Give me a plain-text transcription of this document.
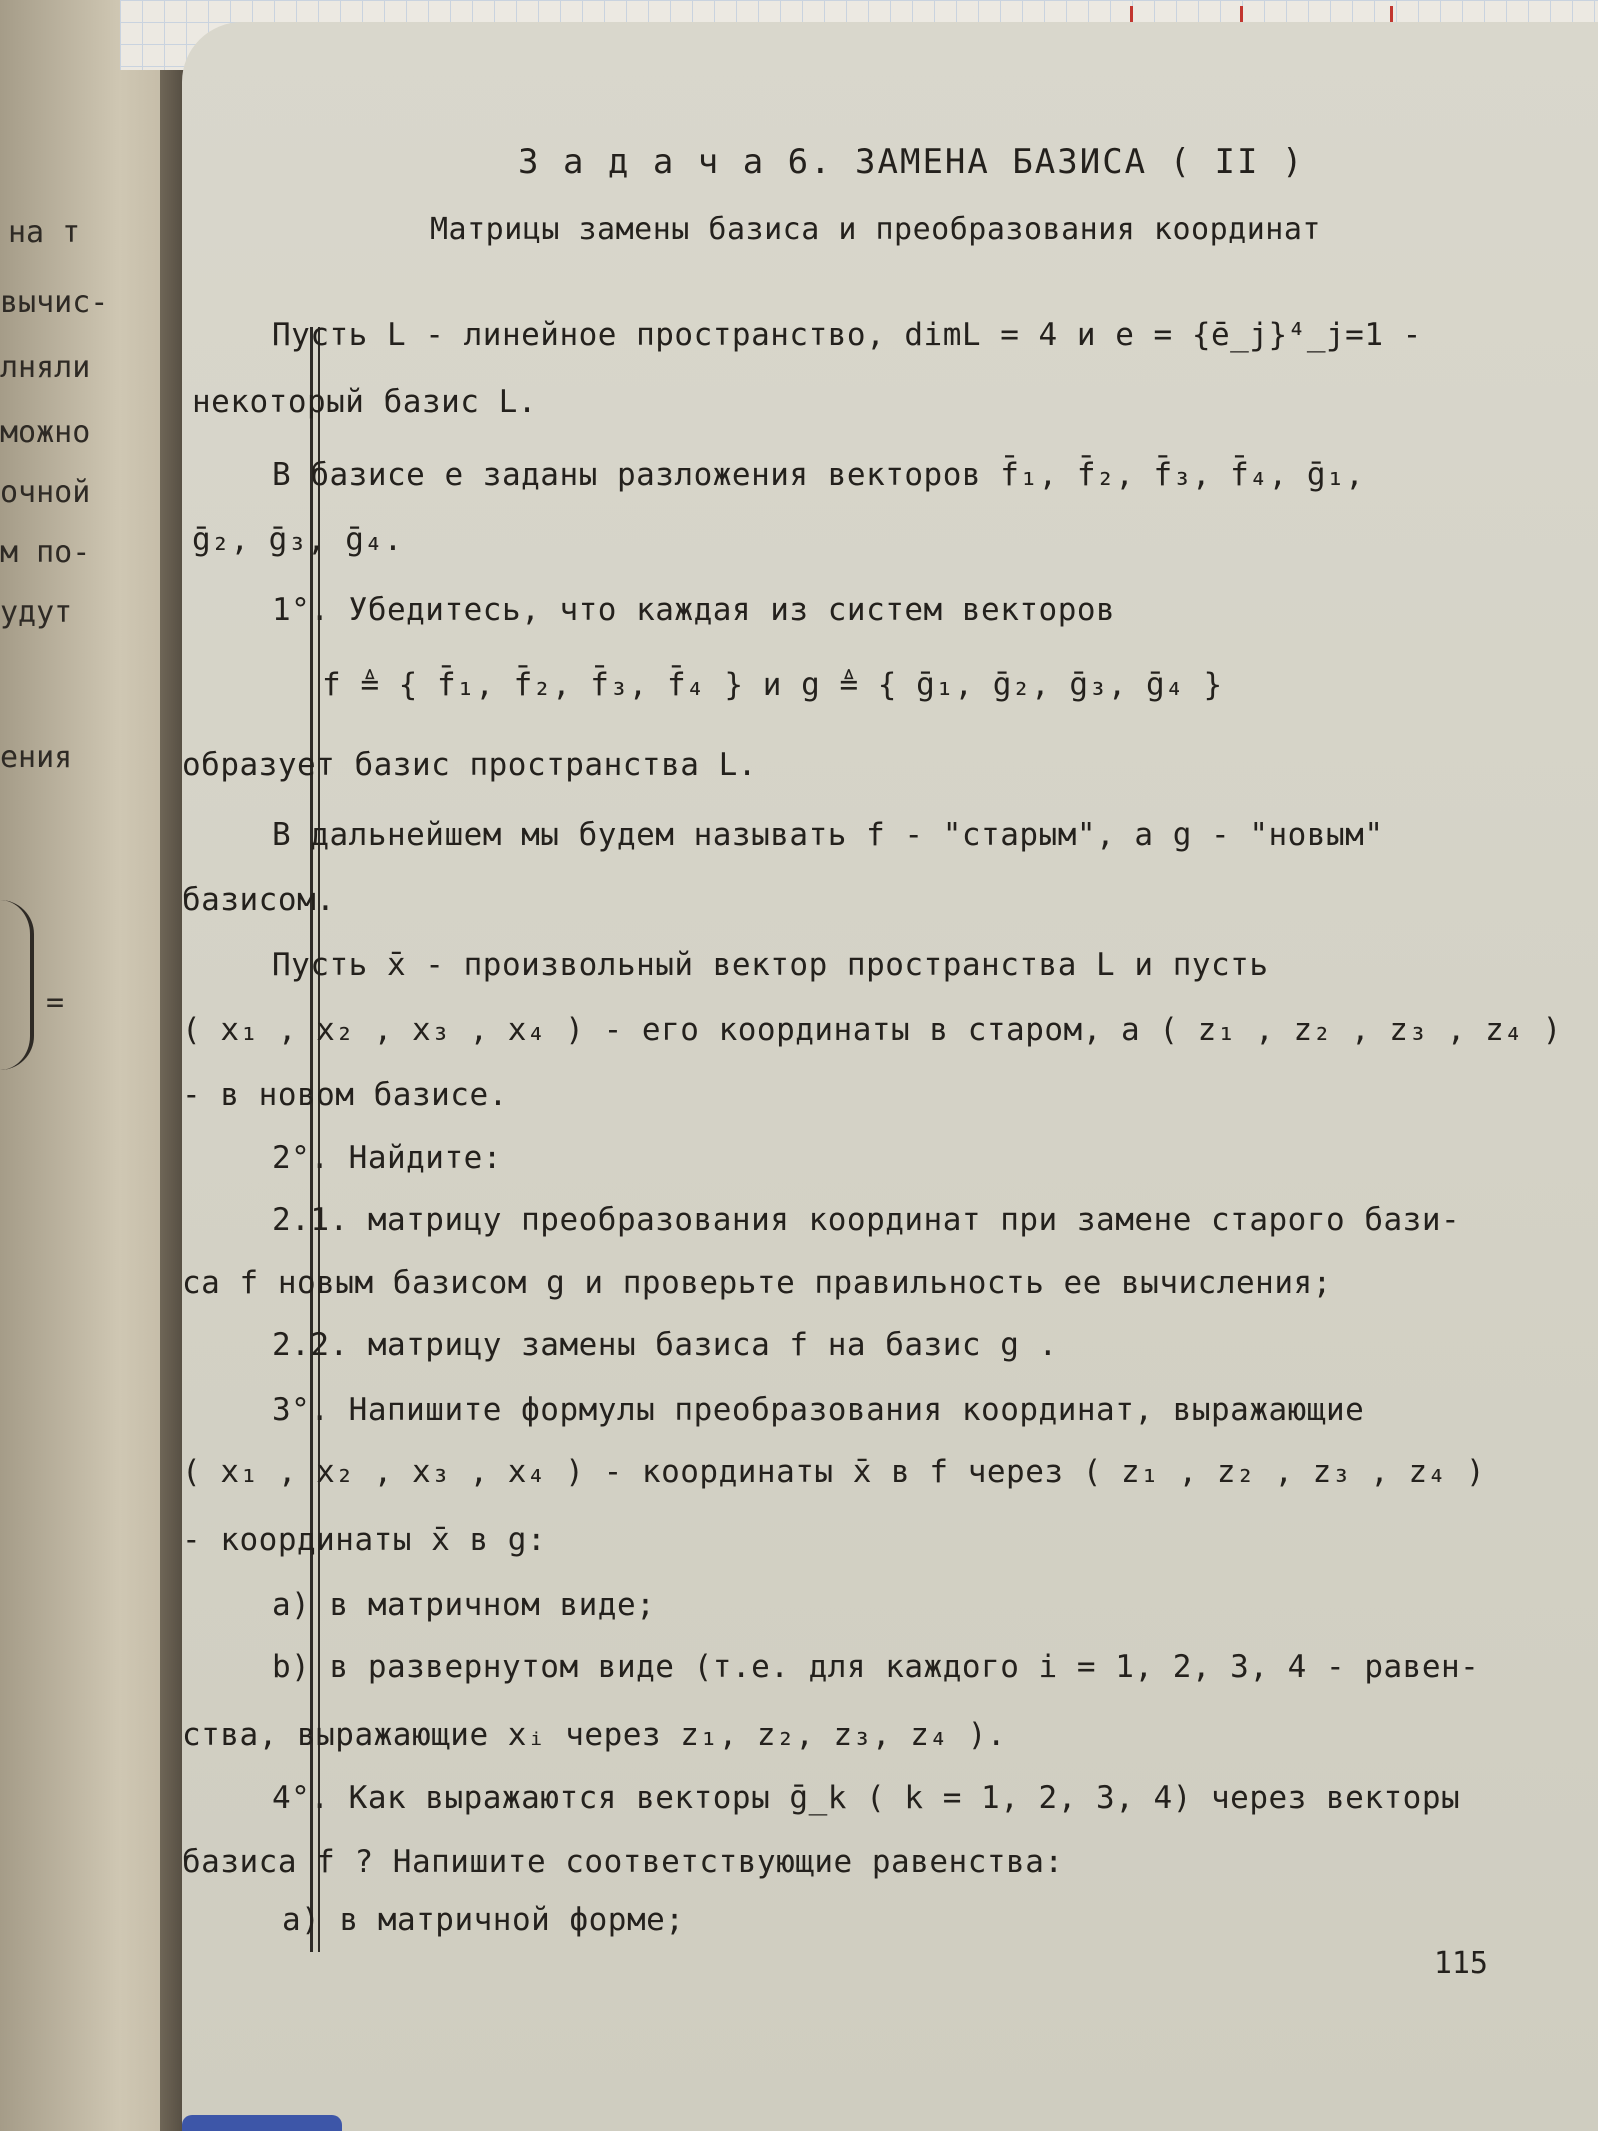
на т
вычис-
лняли
можно
очной
м по-
удут
ения
=
З а д а ч а 6. ЗАМЕНА БАЗИСА ( II )
Матрицы замены базиса и преобразования координат
Пусть L - линейное пространство, dimL = 4 и e = {ē_j}⁴_j=1 -
некоторый базис L.
В базисе e заданы разложения векторов f̄₁, f̄₂, f̄₃, f̄₄, ḡ₁,
ḡ₂, ḡ₃, ḡ₄.
1°. Убедитесь, что каждая из систем векторов
f ≜ { f̄₁, f̄₂, f̄₃, f̄₄ } и g ≜ { ḡ₁, ḡ₂, ḡ₃, ḡ₄ }
образует базис пространства L.
В дальнейшем мы будем называть f - "старым", а g - "новым"
базисом.
Пусть x̄ - произвольный вектор пространства L и пусть
( x₁ , x₂ , x₃ , x₄ ) - его координаты в старом, а ( z₁ , z₂ , z₃ , z₄ )
- в новом базисе.
2°. Найдите:
2.1. матрицу преобразования координат при замене старого бази-
са f новым базисом g и проверьте правильность ее вычисления;
2.2. матрицу замены базиса f на базис g .
3°. Напишите формулы преобразования координат, выражающие
( x₁ , x₂ , x₃ , x₄ ) - координаты x̄ в f через ( z₁ , z₂ , z₃ , z₄ )
- координаты x̄ в g:
a) в матричном виде;
b) в развернутом виде (т.е. для каждого i = 1, 2, 3, 4 - равен-
ства, выражающие xᵢ через z₁, z₂, z₃, z₄ ).
4°. Как выражаются векторы ḡ_k ( k = 1, 2, 3, 4) через векторы
базиса f ? Напишите соответствующие равенства:
a) в матричной форме;
115
